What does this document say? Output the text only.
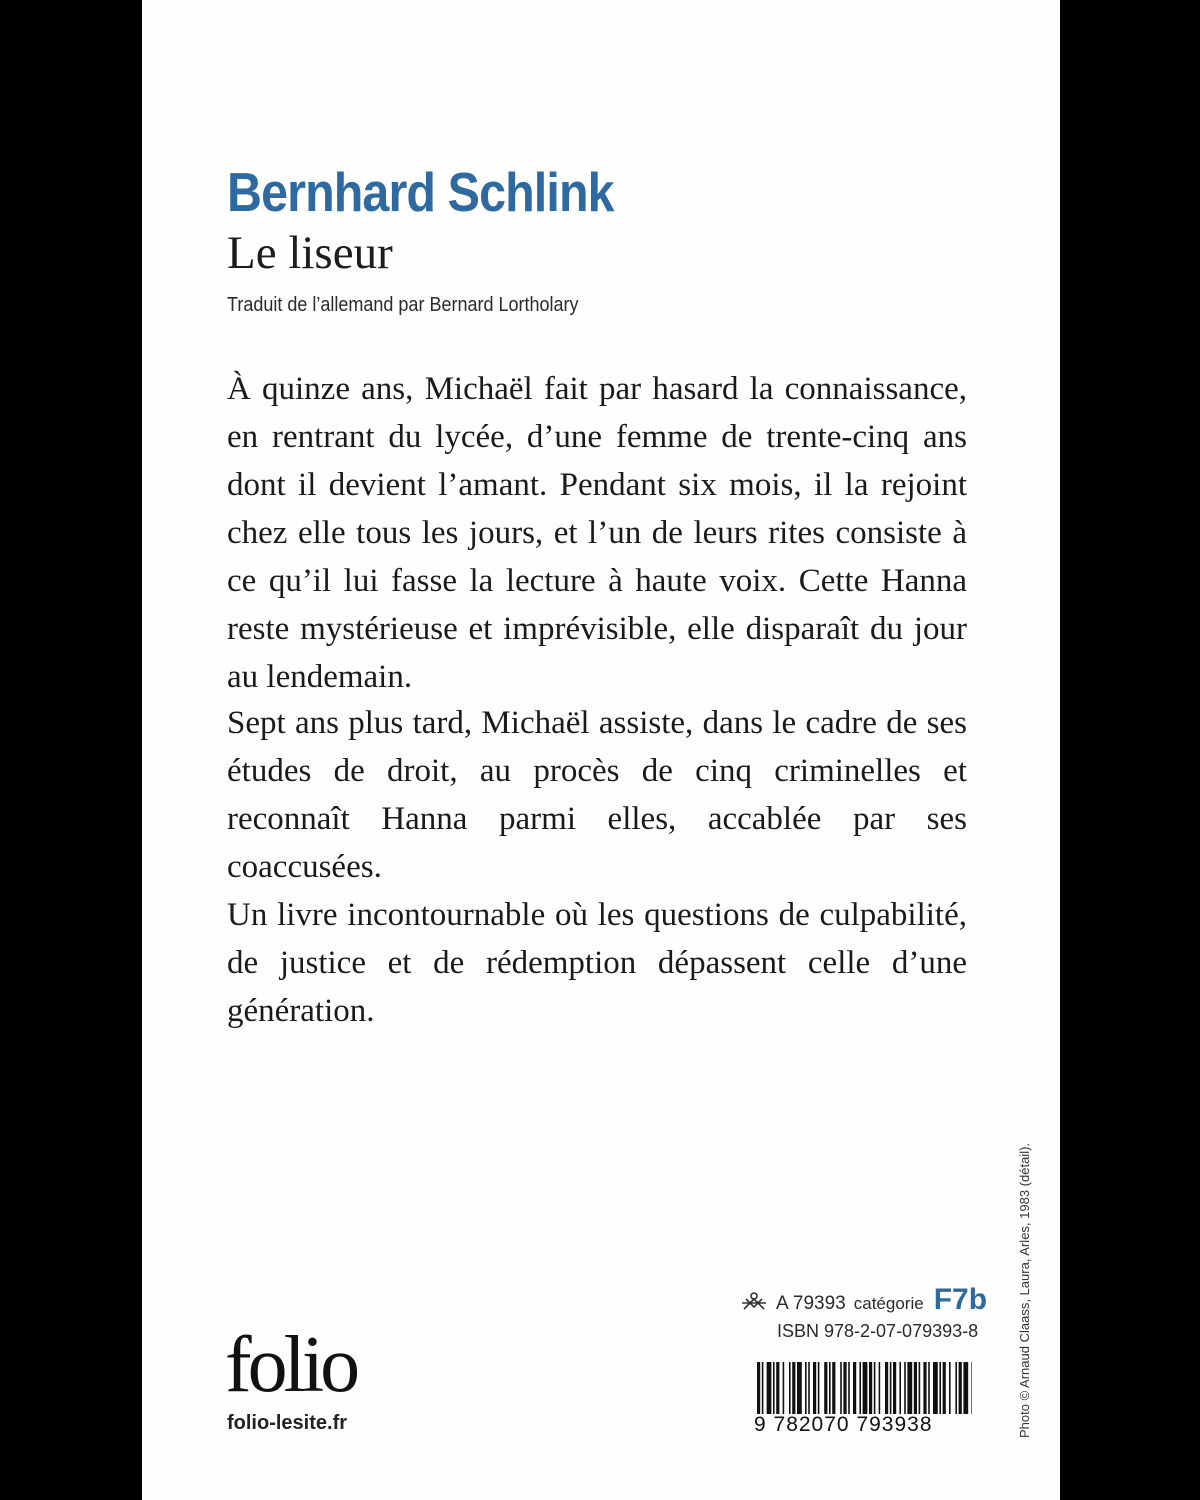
Bernhard Schlink
Le liseur
Traduit de l’allemand par Bernard Lortholary

À quinze ans, Michaël fait par hasard la connaissance, en rentrant du lycée, d’une femme de trente-cinq ans dont il devient l’amant. Pendant six mois, il la rejoint chez elle tous les jours, et l’un de leurs rites consiste à ce qu’il lui fasse la lecture à haute voix. Cette Hanna reste mystérieuse et imprévisible, elle disparaît du jour au lendemain.

Sept ans plus tard, Michaël assiste, dans le cadre de ses études de droit, au procès de cinq criminelles et reconnaît Hanna parmi elles, accablée par ses coaccusées.

Un livre incontournable où les questions de culpabilité, de justice et de rédemption dépassent celle d’une génération.

A 79393 catégorie F7b
ISBN 978-2-07-079393-8
9 782070 793938
folio
folio-lesite.fr	Photo © Arnaud Claass, Laura, Arles, 1983 (détail).
